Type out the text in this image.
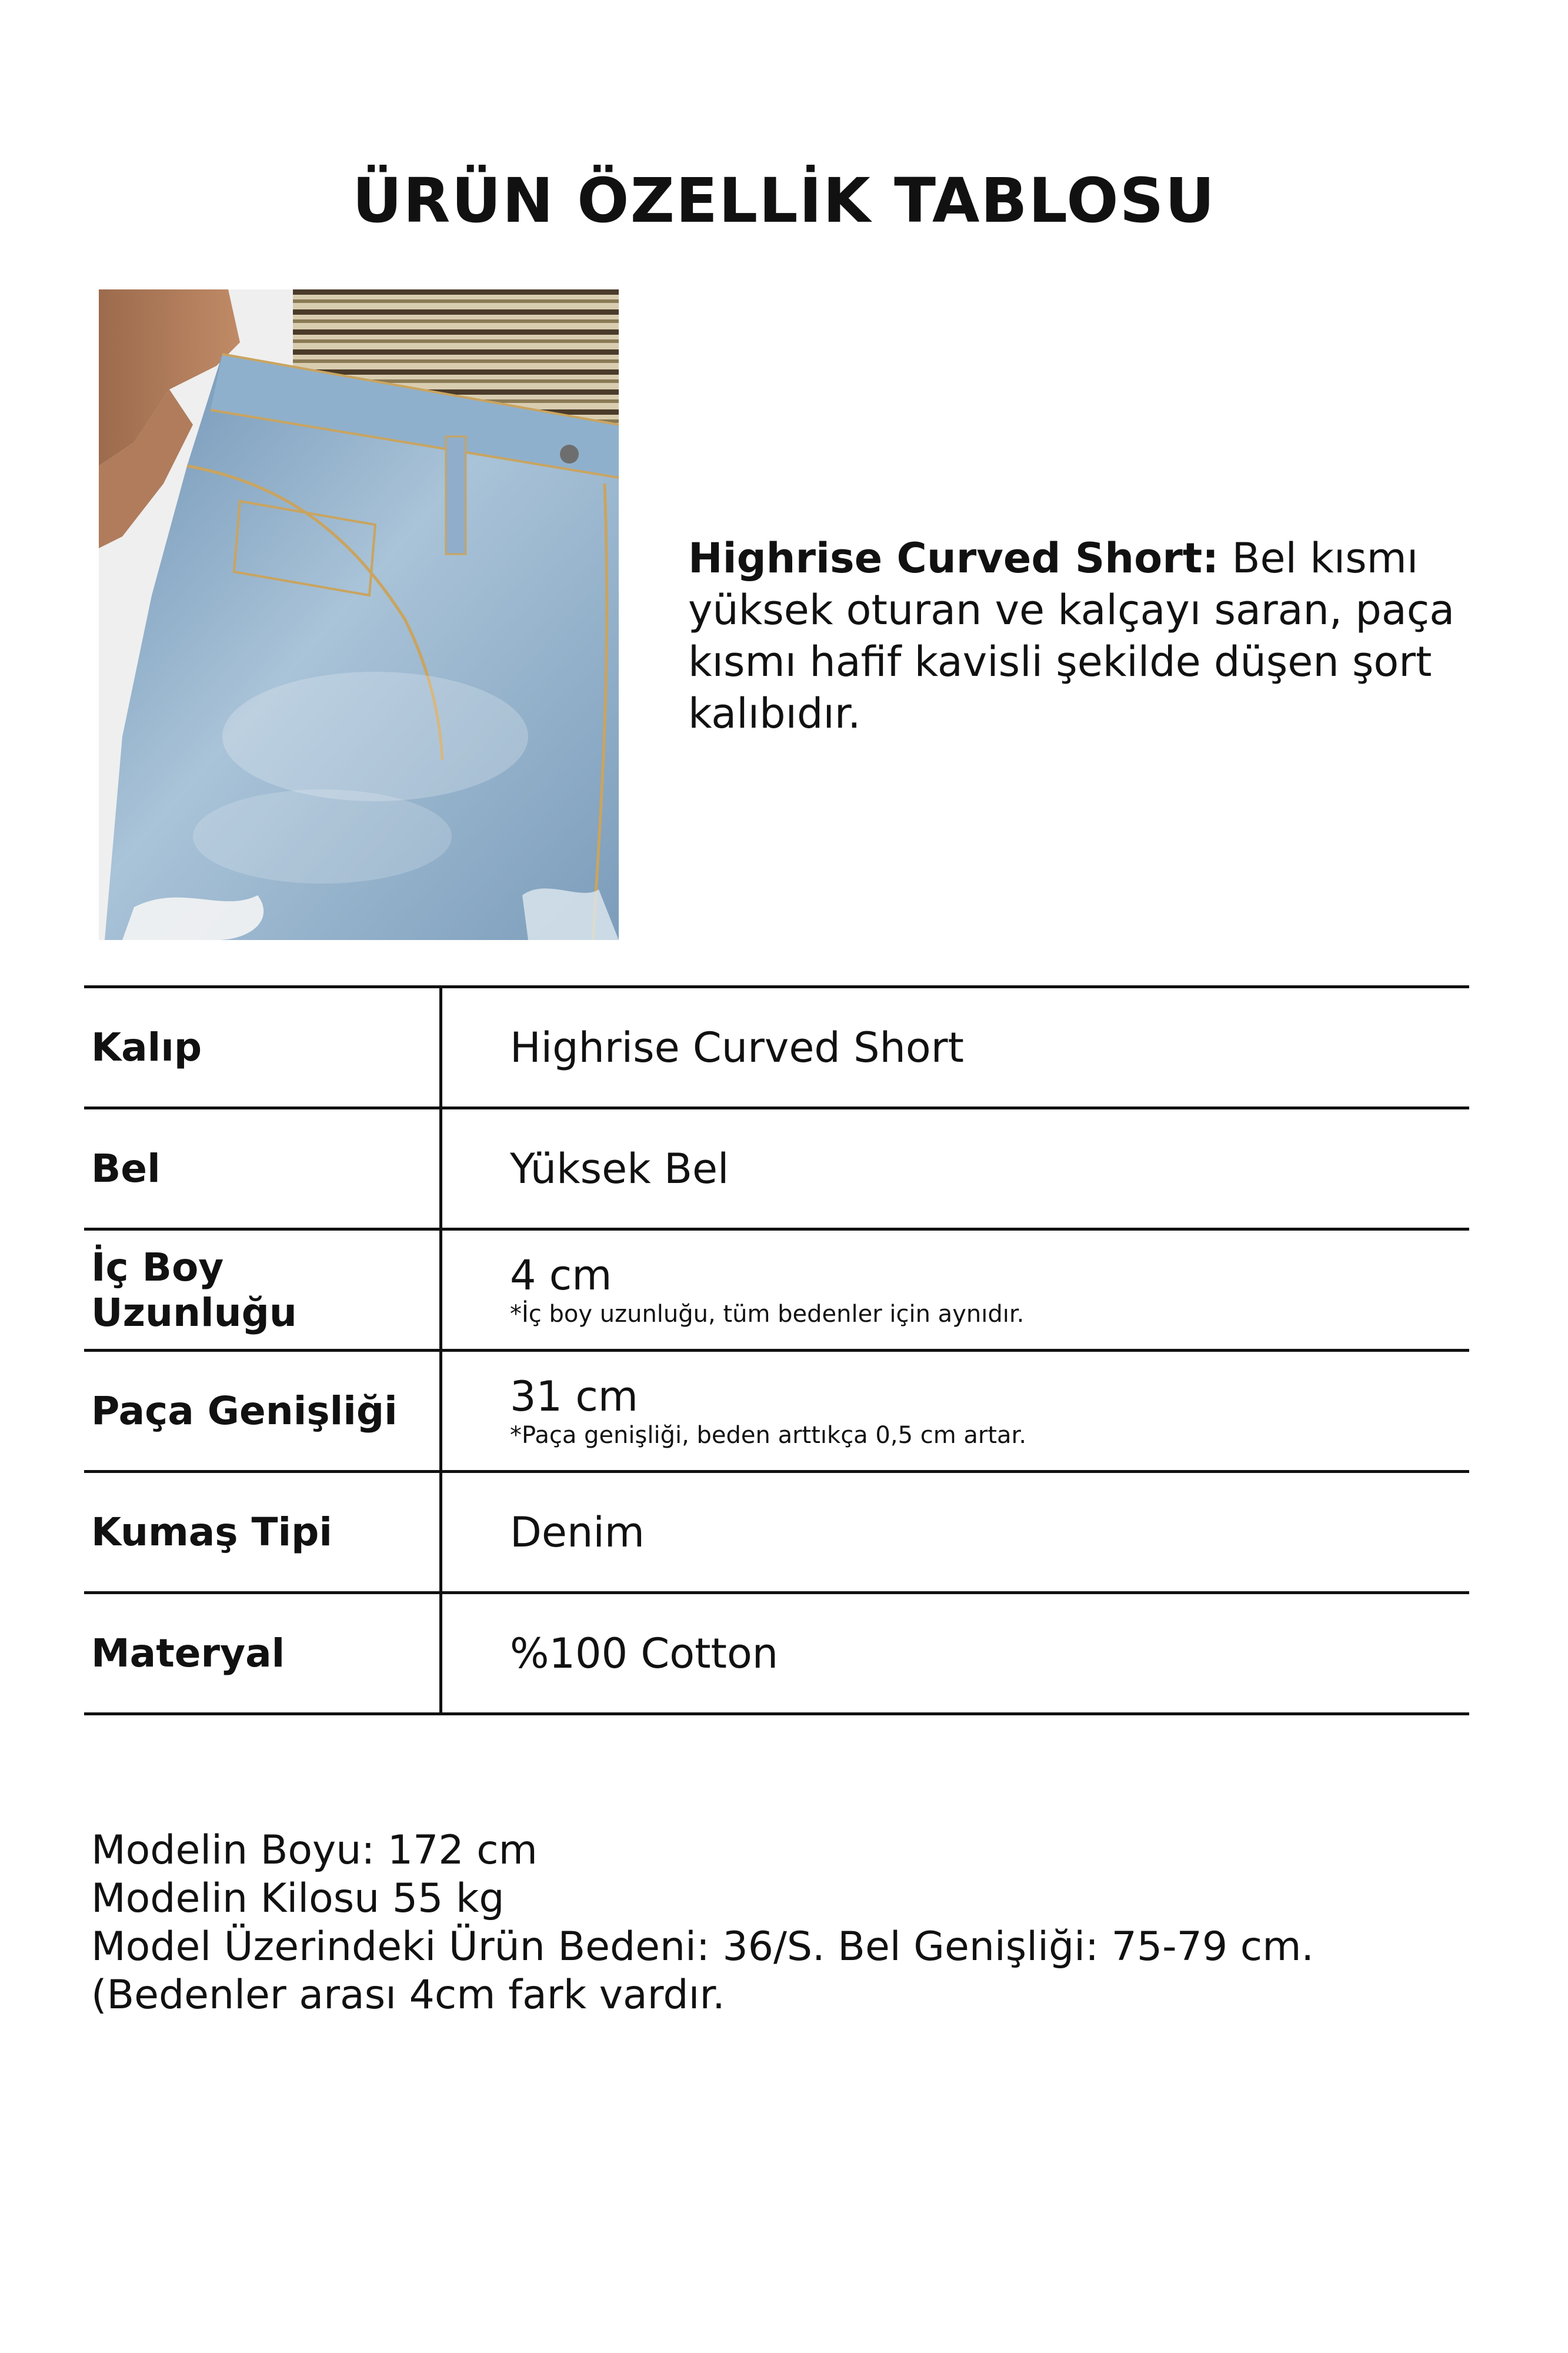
ÜRÜN ÖZELLİK TABLOSU

Highrise Curved Short: Bel kısmı yüksek oturan ve kalçayı saran, paça kısmı hafif kavisli şekilde düşen şort kalıbıdır.

Kalıp	Highrise Curved Short

Bel	Yüksek Bel

İç Boy Uzunluğu	4 cm
*İç boy uzunluğu, tüm bedenler için aynıdır.

Paça Genişliği	31 cm
*Paça genişliği, beden arttıkça 0,5 cm artar.

Kumaş Tipi	Denim

Materyal	%100 Cotton

Modelin Boyu: 172 cm
Modelin Kilosu 55 kg
Model Üzerindeki Ürün Bedeni: 36/S. Bel Genişliği: 75-79 cm. (Bedenler arası 4cm fark vardır.
